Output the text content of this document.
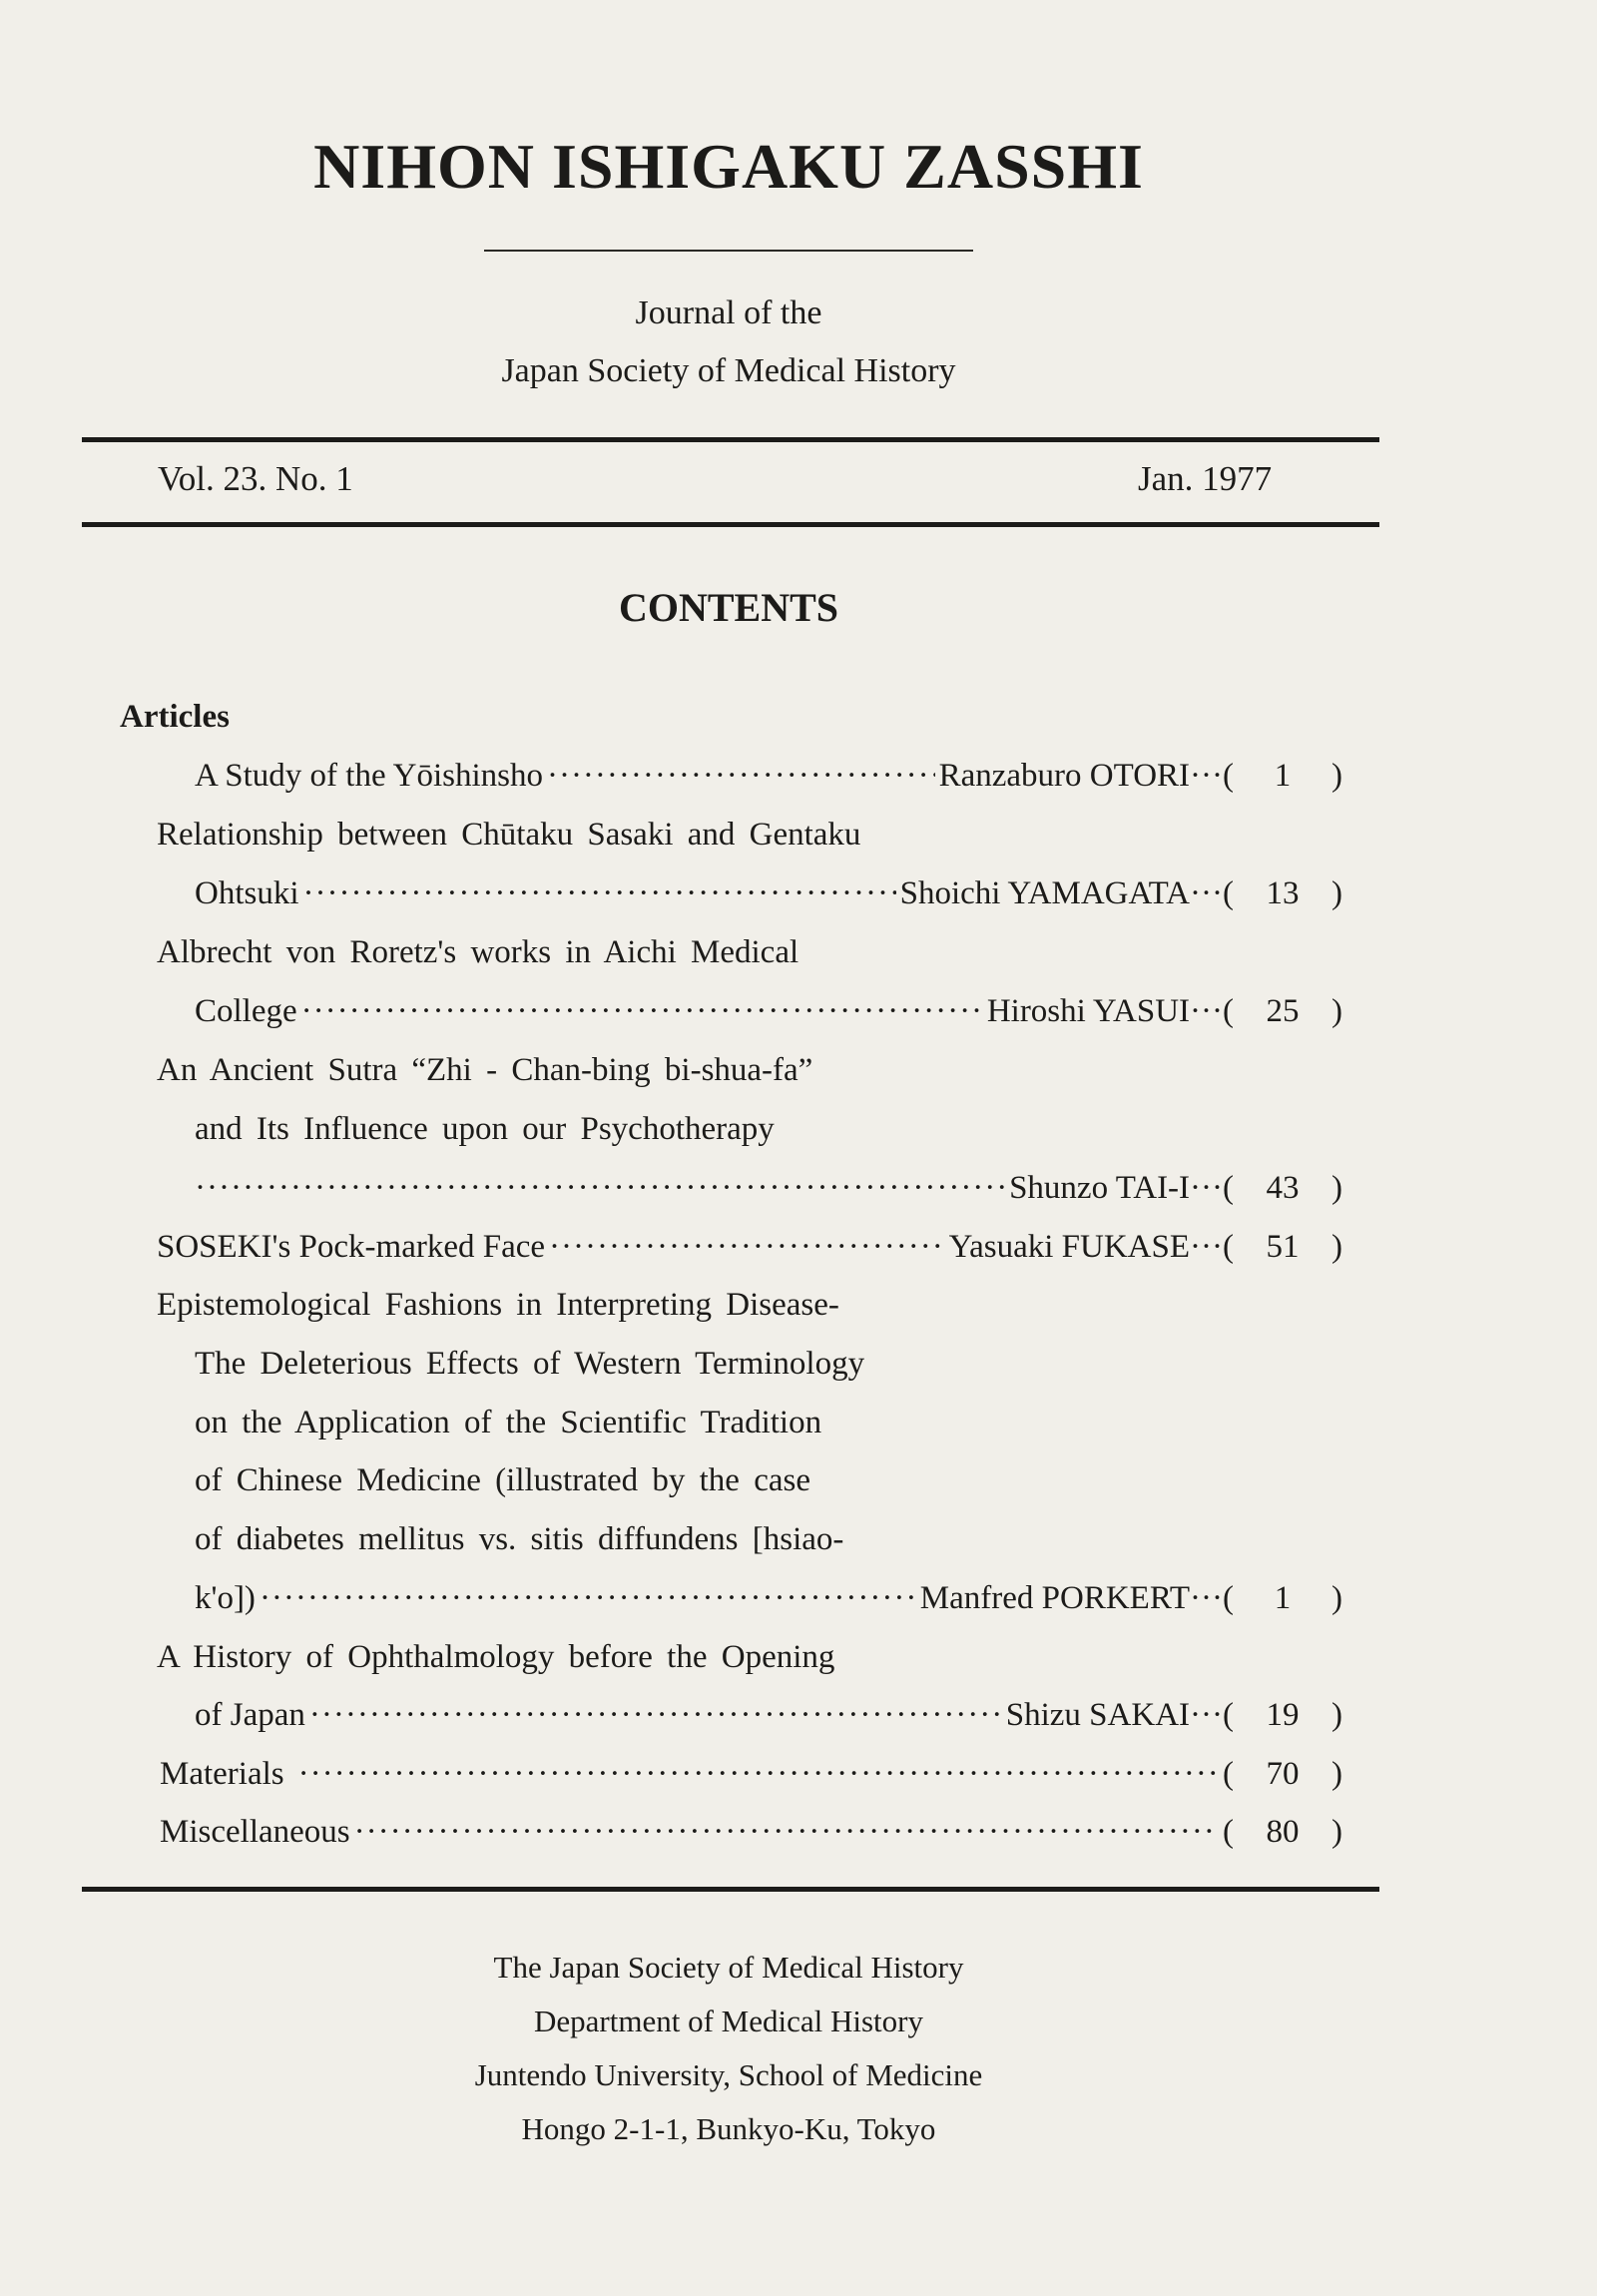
NIHON ISHIGAKU ZASSHI
Journal of the
Japan Society of Medical History
Vol. 23. No. 1	Jan. 1977
CONTENTS
Articles
A Study of the Yōishinsho ·····	Ranzaburo OTORI··· (	1	)
Relationship between Chūtaku Sasaki and Gentaku
Ohtsuki ·····	Shoichi YAMAGATA··· ( 13 )
Albrecht von Roretz's works in Aichi Medical
College ·····	Hiroshi YASUI··· ( 25 )
An Ancient Sutra “Zhi - Chan-bing bi-shua-fa”
and Its Influence upon our Psychotherapy
·····
Shunzo TAI-I··· ( 43 )
SOSEKI's Pock-marked Face ·····	Yasuaki FUKASE··· ( 51 )
Epistemological Fashions in Interpreting Disease-
The Deleterious Effects of Western Terminology
on the Application of the Scientific Tradition
of Chinese Medicine (illustrated by the case
of diabetes mellitus vs. sitis diffundens [hsiao-
k'o]) ·····	Manfred PORKERT··· (	1	)
A History of Ophthalmology before the Opening
of Japan ·····	Shizu SAKAI··· ( 19 )
Materials ·····	( 70 )
Miscellaneous ·····	( 80 )
The Japan Society of Medical History
Department of Medical History
Juntendo University, School of Medicine
Hongo 2-1-1, Bunkyo-Ku, Tokyo
